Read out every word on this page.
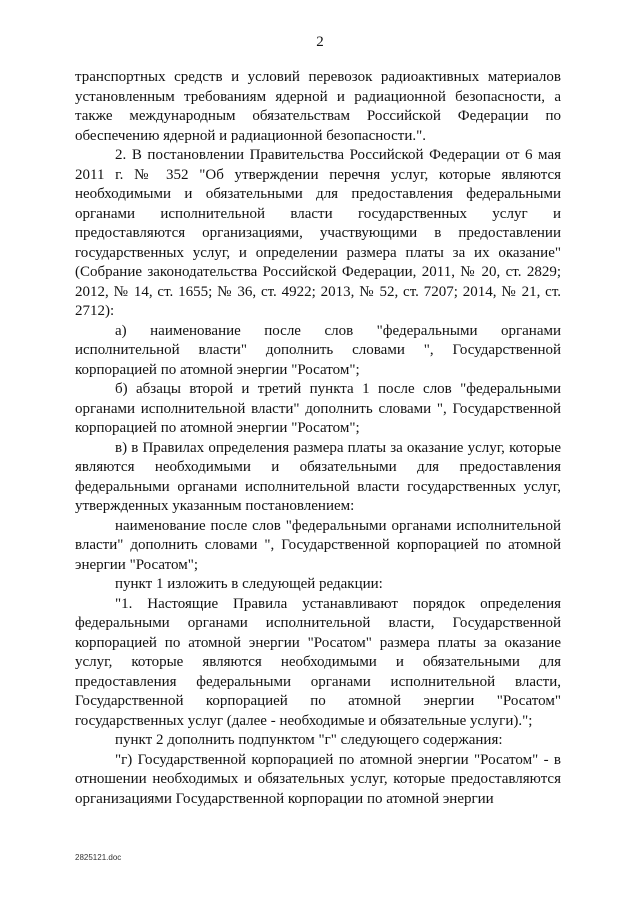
2

транспортных средств и условий перевозок радиоактивных материалов установленным требованиям ядерной и радиационной безопасности, а также международным обязательствам Российской Федерации по обеспечению ядерной и радиационной безопасности.".

2. В постановлении Правительства Российской Федерации от 6 мая 2011 г. № 352 "Об утверждении перечня услуг, которые являются необходимыми и обязательными для предоставления федеральными органами исполнительной власти государственных услуг и предоставляются организациями, участвующими в предоставлении государственных услуг, и определении размера платы за их оказание" (Собрание законодательства Российской Федерации, 2011, № 20, ст. 2829; 2012, № 14, ст. 1655; № 36, ст. 4922; 2013, № 52, ст. 7207; 2014, № 21, ст. 2712):

а) наименование после слов "федеральными органами исполнительной власти" дополнить словами ", Государственной корпорацией по атомной энергии "Росатом";

б) абзацы второй и третий пункта 1 после слов "федеральными органами исполнительной власти" дополнить словами ", Государственной корпорацией по атомной энергии "Росатом";

в) в Правилах определения размера платы за оказание услуг, которые являются необходимыми и обязательными для предоставления федеральными органами исполнительной власти государственных услуг, утвержденных указанным постановлением:

наименование после слов "федеральными органами исполнительной власти" дополнить словами ", Государственной корпорацией по атомной энергии "Росатом";

пункт 1 изложить в следующей редакции:

"1. Настоящие Правила устанавливают порядок определения федеральными органами исполнительной власти, Государственной корпорацией по атомной энергии "Росатом" размера платы за оказание услуг, которые являются необходимыми и обязательными для предоставления федеральными органами исполнительной власти, Государственной корпорацией по атомной энергии "Росатом" государственных услуг (далее - необходимые и обязательные услуги).";

пункт 2 дополнить подпунктом "г" следующего содержания:

"г) Государственной корпорацией по атомной энергии "Росатом" - в отношении необходимых и обязательных услуг, которые предоставляются организациями Государственной корпорации по атомной энергии

2825121.doc
